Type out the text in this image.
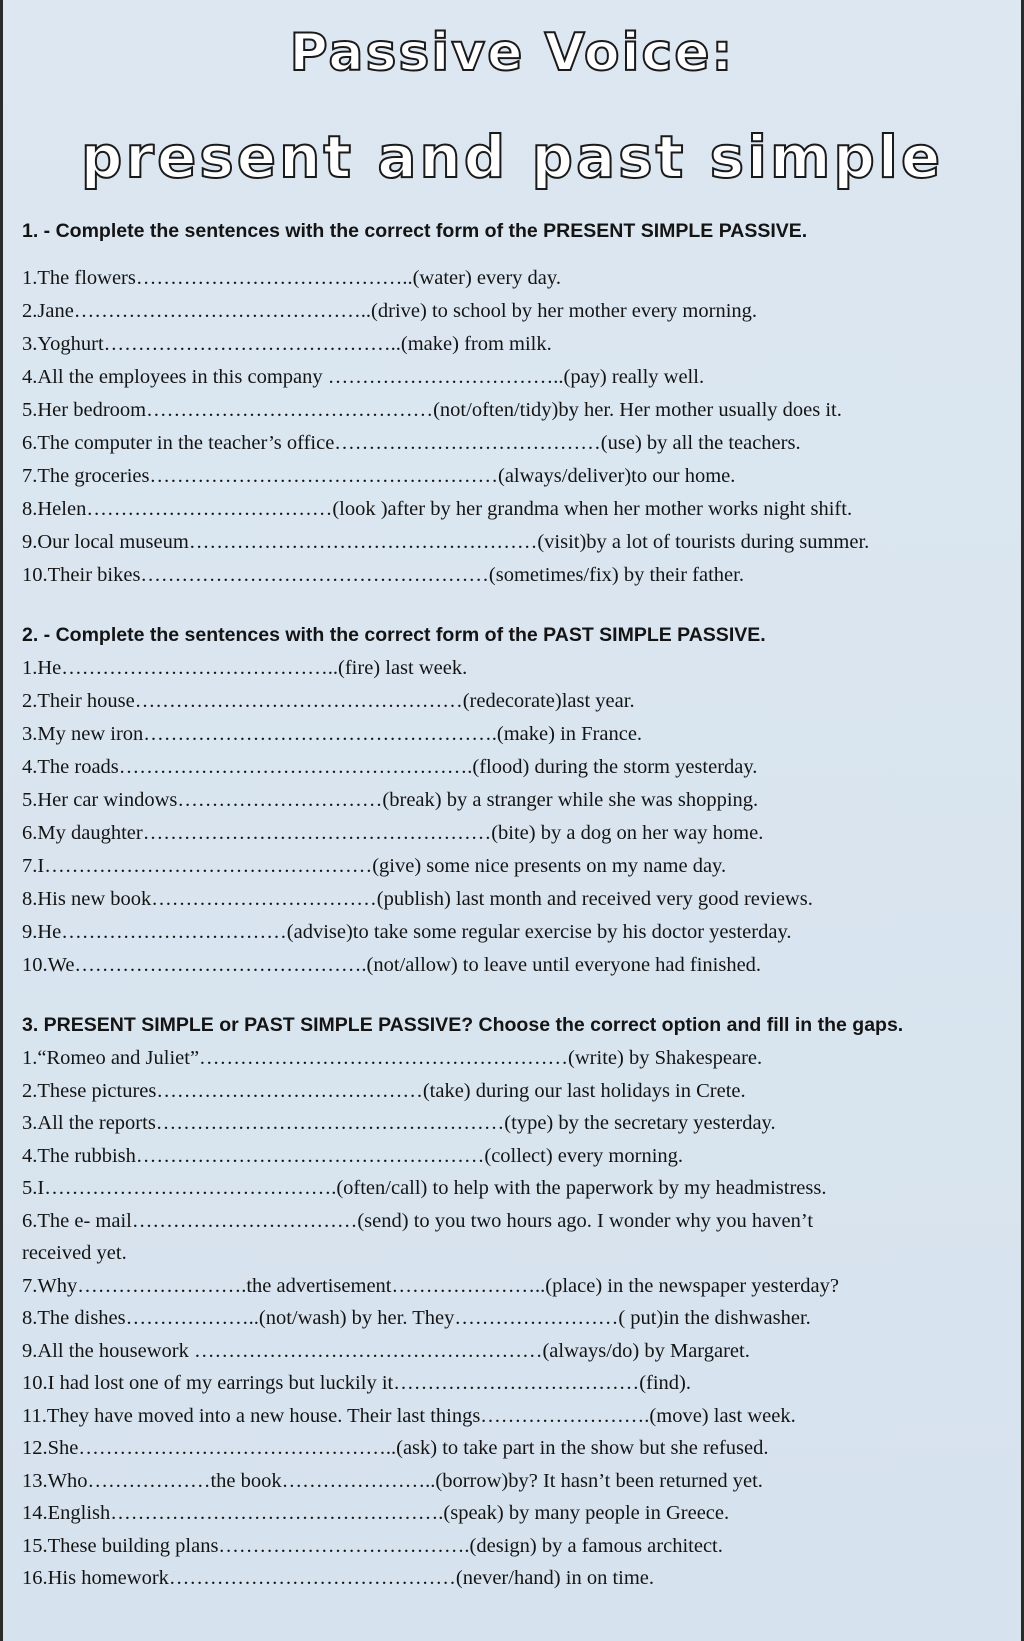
Passive Voice:
present and past simple

1. - Complete the sentences with the correct form of the PRESENT SIMPLE PASSIVE.

1.The flowers…………………………………..(water) every day.
2.Jane……………………………………..(drive) to school by her mother every morning.
3.Yoghurt……………………………………..(make) from milk.
4.All the employees in this company ……………………………..(pay) really well.
5.Her bedroom……………………………………(not/often/tidy)by her. Her mother usually does it.
6.The computer in the teacher’s office…………………………………(use) by all the teachers.
7.The groceries……………………………………………(always/deliver)to our home.
8.Helen………………………………(look )after by her grandma when her mother works night shift.
9.Our local museum……………………………………………(visit)by a lot of tourists during summer.
10.Their bikes……………………………………………(sometimes/fix) by their father.

2. - Complete the sentences with the correct form of the PAST SIMPLE PASSIVE.

1.He…………………………………..(fire) last week.
2.Their house…………………………………………(redecorate)last year.
3.My new iron…………………………………………….(make) in France.
4.The roads…………………………………………….(flood) during the storm yesterday.
5.Her car windows…………………………(break) by a stranger while she was shopping.
6.My daughter……………………………………………(bite) by a dog on her way home.
7.I…………………………………………(give) some nice presents on my name day.
8.His new book……………………………(publish) last month and received very good reviews.
9.He……………………………(advise)to take some regular exercise by his doctor yesterday.
10.We…………………………………….(not/allow) to leave until everyone had finished.

3. PRESENT SIMPLE or PAST SIMPLE PASSIVE? Choose the correct option and fill in the gaps.

1.“Romeo and Juliet”………………………………………………(write) by Shakespeare.
2.These pictures…………………………………(take) during our last holidays in Crete.
3.All the reports……………………………………………(type) by the secretary yesterday.
4.The rubbish……………………………………………(collect) every morning.
5.I…………………………………….(often/call) to help with the paperwork by my headmistress.
6.The e- mail……………………………(send) to you two hours ago. I wonder why you haven’t
received yet.
7.Why…………………….the advertisement…………………..(place) in the newspaper yesterday?
8.The dishes………………..(not/wash) by her. They……………………( put)in the dishwasher.
9.All the housework ……………………………………………(always/do) by Margaret.
10.I had lost one of my earrings but luckily it………………………………(find).
11.They have moved into a new house. Their last things…………………….(move) last week.
12.She………………………………………..(ask) to take part in the show but she refused.
13.Who………………the book…………………..(borrow)by? It hasn’t been returned yet.
14.English………………………………………….(speak) by many people in Greece.
15.These building plans……………………………….(design) by a famous architect.
16.His homework……………………………………(never/hand) in on time.
